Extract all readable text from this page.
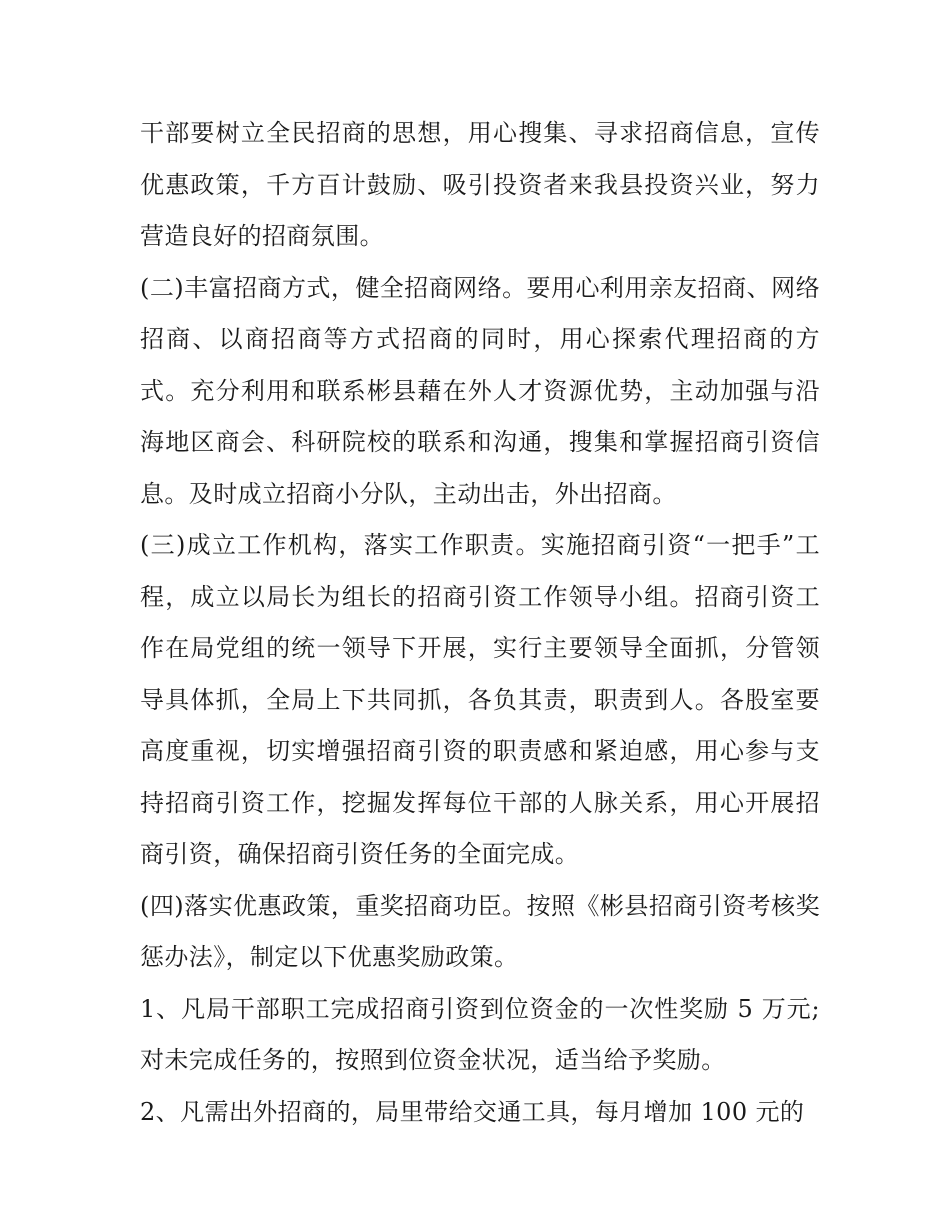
干部要树立全民招商的思想，用心搜集、寻求招商信息，宣传优惠政策，千方百计鼓励、吸引投资者来我县投资兴业，努力营造良好的招商氛围。

(二)丰富招商方式，健全招商网络。要用心利用亲友招商、网络招商、以商招商等方式招商的同时，用心探索代理招商的方式。充分利用和联系彬县藉在外人才资源优势，主动加强与沿海地区商会、科研院校的联系和沟通，搜集和掌握招商引资信息。及时成立招商小分队，主动出击，外出招商。

(三)成立工作机构，落实工作职责。实施招商引资“一把手”工程，成立以局长为组长的招商引资工作领导小组。招商引资工作在局党组的统一领导下开展，实行主要领导全面抓，分管领导具体抓，全局上下共同抓，各负其责，职责到人。各股室要高度重视，切实增强招商引资的职责感和紧迫感，用心参与支持招商引资工作，挖掘发挥每位干部的人脉关系，用心开展招商引资，确保招商引资任务的全面完成。

(四)落实优惠政策，重奖招商功臣。按照《彬县招商引资考核奖惩办法》，制定以下优惠奖励政策。

1、凡局干部职工完成招商引资到位资金的一次性奖励 5 万元;对未完成任务的，按照到位资金状况，适当给予奖励。

2、凡需出外招商的，局里带给交通工具，每月增加 100 元的
